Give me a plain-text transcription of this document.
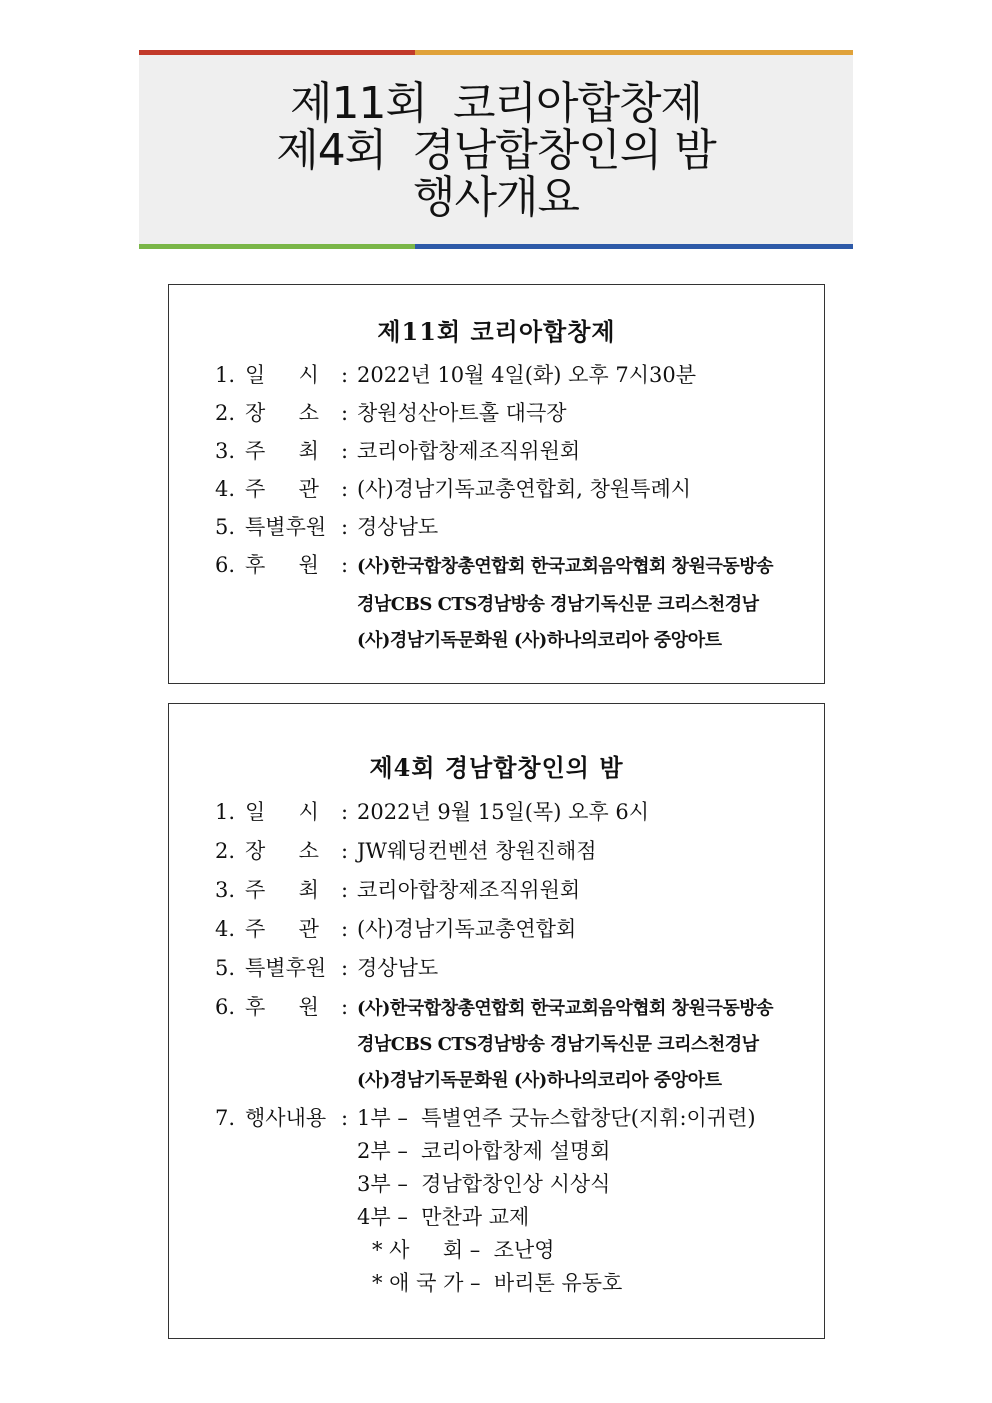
제11회  코리아합창제
제4회  경남합창인의 밤
행사개요
제11회 코리아합창제
1. 일     시 : 2022년 10월 4일(화) 오후 7시30분
2. 장     소 : 창원성산아트홀 대극장
3. 주     최 : 코리아합창제조직위원회
4. 주     관 : (사)경남기독교총연합회, 창원특례시
5. 특별후원 : 경상남도
6. 후     원 : (사)한국합창총연합회 한국교회음악협회 창원극동방송
경남CBS CTS경남방송 경남기독신문 크리스천경남
(사)경남기독문화원 (사)하나의코리아 중앙아트
제4회 경남합창인의 밤
1. 일     시 : 2022년 9월 15일(목) 오후 6시
2. 장     소 : JW웨딩컨벤션 창원진해점
3. 주     최 : 코리아합창제조직위원회
4. 주     관 : (사)경남기독교총연합회
5. 특별후원 : 경상남도
6. 후     원 : (사)한국합창총연합회 한국교회음악협회 창원극동방송
경남CBS CTS경남방송 경남기독신문 크리스천경남
(사)경남기독문화원 (사)하나의코리아 중앙아트
7. 행사내용 : 1부 –  특별연주 굿뉴스합창단(지휘:이귀련)
2부 –  코리아합창제 설명회
3부 –  경남합창인상 시상식
4부 –  만찬과 교제
* 사     회 –  조난영
* 애 국 가 –  바리톤 유동호
